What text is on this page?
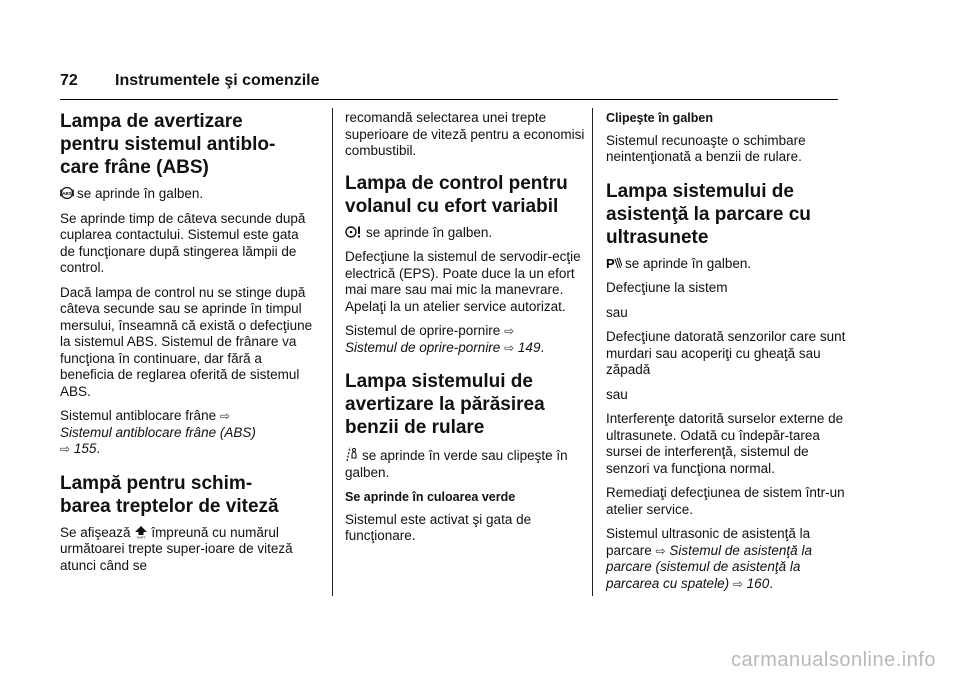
72 Instrumentele şi comenzile
Lampa de avertizare
pentru sistemul antiblo-
care frâne (ABS)

ABS se aprinde în galben.

Se aprinde timp de câteva secunde după cuplarea contactului. Sistemul este gata de funcţionare după stingerea lămpii de control.

Dacă lampa de control nu se stinge după câteva secunde sau se aprinde în timpul mersului, înseamnă că există o defecţiune la sistemul ABS. Sistemul de frânare va funcţiona în continuare, dar fără a beneficia de reglarea oferită de sistemul ABS.

Sistemul antiblocare frâne ⇨
Sistemul antiblocare frâne (ABS)
⇨ 155.
Lampă pentru schim-
barea treptelor de viteză

Se afişează SHIFT împreună cu numărul următoarei trepte super-ioare de viteză atunci când se

recomandă selectarea unei trepte superioare de viteză pentru a economisi combustibil.

Lampa de control pentru
volanul cu efort variabil

se aprinde în galben.

Defecţiune la sistemul de servodir-ecţie electrică (EPS). Poate duce la un efort mai mare sau mai mic la manevrare. Apelaţi la un atelier service autorizat.

Sistemul de oprire-pornire ⇨
Sistemul de oprire-pornire ⇨ 149.
Lampa sistemului de
avertizare la părăsirea
benzii de rulare

se aprinde în verde sau clipeşte în galben.

Se aprinde în culoarea verde

Sistemul este activat şi gata de funcţionare.

Clipeşte în galben

Sistemul recunoaşte o schimbare neintenţionată a benzii de rulare.

Lampa sistemului de
asistenţă la parcare cu
ultrasunete

P se aprinde în galben.

Defecţiune la sistem

sau

Defecţiune datorată senzorilor care sunt murdari sau acoperiţi cu gheaţă sau zăpadă

sau

Interferenţe datorită surselor externe de ultrasunete. Odată cu îndepăr-tarea sursei de interferenţă, sistemul de senzori va funcţiona normal.

Remediaţi defecţiunea de sistem într-un atelier service.

Sistemul ultrasonic de asistenţă la

parcare ⇨ Sistemul de asistenţă la parcare (sistemul de asistenţă la parcarea cu spatele) ⇨ 160.
carmanualsonline.info
